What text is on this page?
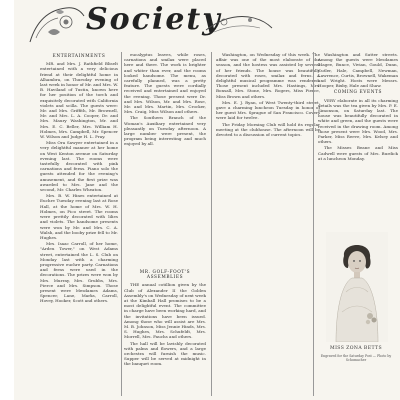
Society
ENTERTAINMENTS

MR. and Mrs. J. Rathfield Bliselt entertained with a very delicious friend at their delightful home in Alhambra, on Thursday evening of last week in honor of Mr. and Mrs. W. B. Haviland of Tustin, known here for her position of the torch and exquisitely decorated with California violets and scilla. The guests were: Mr. and Mrs. Griffith, Mr. Brownell, Mr. and Mrs. L. A. Cooper, Dr. and Mrs. Maury Washington, Mr. and Mrs. E. C. Beller, Mrs. William H. Holmes, Mrs. Campbell, Mr. Spencer W. Wilson and Judge H. L. Pray.

Miss Ora Sawyer entertained in a very delightful manner at her home on West Kenton avenue on Saturday evening last. The rooms were tastefully decorated with pink carnations and ferns. Piano solo the guests attended for the evening's amusement, and the first prize was awarded to Mrs. Jane and the second, Mr. Charles Wheaton.

Mrs. B. W. Hines entertained at Euchre Tuesday evening last at Rose Hall, at the home of Mrs. W. H. Holmes, on Pico street. The rooms were prettily decorated with lilies and violets. The handsome presents were won by Mr. and Mrs. C. A. Walsh, and the booby prize fell to Mr. Hughes.

Mrs. Isaac Carroll, of her home, "Ardeu Tower," on West Adams street, entertained the L. S. Club on Monday last with a charming progressive euchre party. Carnations and ferns were used in the decorations. The prizes were won by Mrs. Murray, Mrs. Grubbs, Mrs. Pierce and Mrs. Simpson. Those present were Mesdames Adams, Spencer, Lane, Marks, Carroll, Hovey, Hooker, Scott and others.

eucalyptus leaves, while roses, carnations and smilax were placed here and there. The work is brighter and whiter than ever, and the rooms looked handsome. The menu, as carefully planned, was a pretty feature. The guests were cordially received and entertained and enjoyed the evening. Those present were Dr. and Mrs. Wilson, Mr. and Mrs. Rose, Mr. and Mrs. Martin, Mrs. Crocker, Mrs. Craig, Miss Wilson and others.

The Southern Branch of the Woman's Auxiliary entertained very pleasantly on Tuesday afternoon. A large number were present, the program being interesting and much enjoyed by all.

MR. GOLF-FOOT'S ASSEMBLIES

THE annual cotillion given by the Club of Alexander II the Golden Assembly's on Wednesday of next week at the Kimball Hall promises to be a most delightful event. The committee in charge have been working hard, and the invitations have been issued. Among those who will assist are Mrs. M. B. Johnson, Miss Jennie Hinds, Mrs. S. Hughes, Mrs. Schufeldt, Mrs. Morrell, Mrs. Fauchs and others.

The hall will be lavishly decorated with palms and flowers, and a large orchestra will furnish the music. Supper will be served at midnight in the banquet room.

Washington, on Wednesday of this week. The affair was one of the most elaborate of the season, and the hostess was assisted by several of her friends. The house was beautifully decorated with roses, smilax and ferns. A delightful musical programme was rendered. Those present included Mrs. Hastings, Mrs. Bonsall, Mrs. Stone, Mrs. Rogers, Miss Pierce, Miss Brown and others.

Mrs. E. J. Ryan, of West Twenty-third street, gave a charming luncheon Tuesday in honor of her guest Mrs. Sprague of San Francisco. Covers were laid for twelve.

The Friday Morning Club will hold its regular meeting at the clubhouse. The afternoon will be devoted to a discussion of current topics.

Washington and Sutter streets. Among the guests were Mesdames Magee, Bunce, Vivian, Gould, Dunn, Cutler, Hale, Campbell, Newman, Lawrence, Curtis, Brownell, Wakeman and Wright. Hosts were Messrs. Hooper, Bixby, Hale and Shaw.

COMING EVENTS

VERY elaborate in all its charming details was the tea given by Mrs. P. E. Simonson, on Saturday last. The house was beautifully decorated in white and green, and the guests were received in the drawing room. Among those present were Mrs. Wood, Mrs. Parker, Miss Reeve, Mrs. Kelsey and others.

The Misses Beane and Miss Cadwell were guests of Mrs. Burdick at a luncheon Monday.

MISS ZONA BETTS
Engraved for the Saturday Post — Photo by Schumacher
